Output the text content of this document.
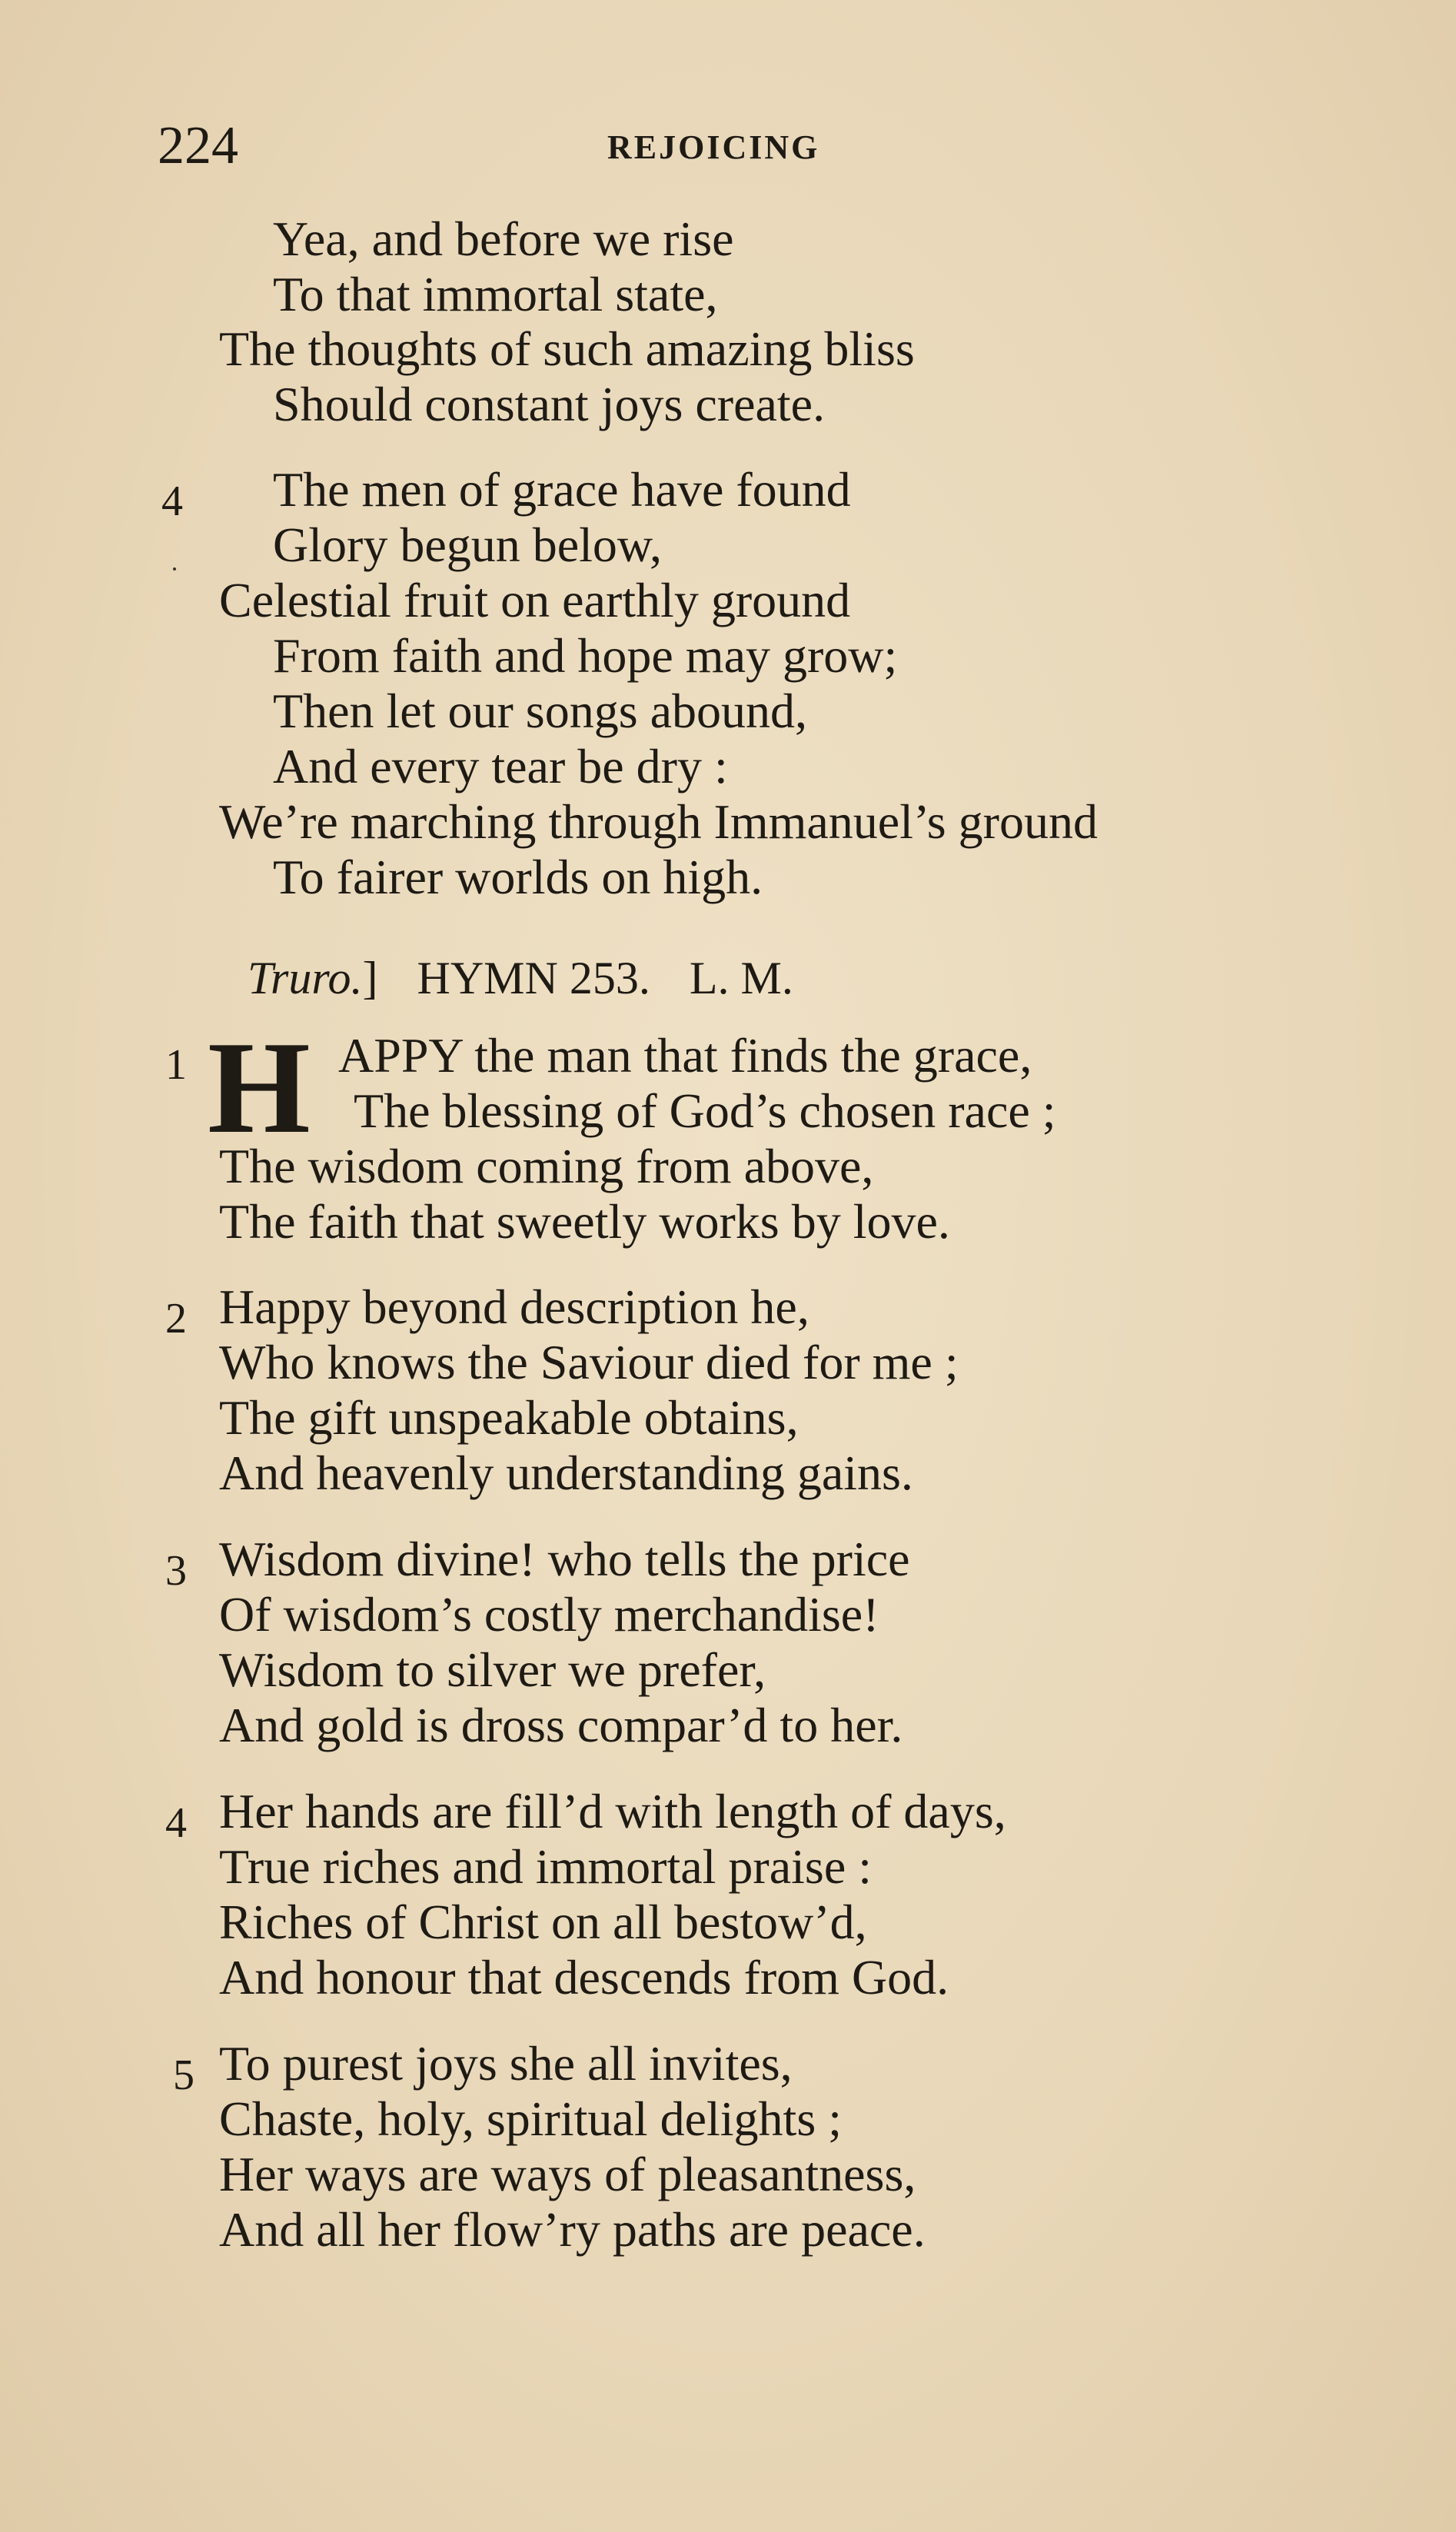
224	REJOICING
Yea, and before we rise
To that immortal state,
The thoughts of such amazing bliss
Should constant joys create.
4 The men of grace have found
Glory begun below,
Celestial fruit on earthly ground
From faith and hope may grow;
Then let our songs abound,
And every tear be dry :
We’re marching through Immanuel’s ground
To fairer worlds on high.
Truro.] HYMN 253. L. M.
1 H APPY the man that finds the grace,
The blessing of God’s chosen race ;
The wisdom coming from above,
The faith that sweetly works by love.
2 Happy beyond description he,
Who knows the Saviour died for me ;
The gift unspeakable obtains,
And heavenly understanding gains.
3 Wisdom divine! who tells the price
Of wisdom’s costly merchandise!
Wisdom to silver we prefer,
And gold is dross compar’d to her.
4 Her hands are fill’d with length of days,
True riches and immortal praise :
Riches of Christ on all bestow’d,
And honour that descends from God.
5 To purest joys she all invites,
Chaste, holy, spiritual delights ;
Her ways are ways of pleasantness,
And all her flow’ry paths are peace.
